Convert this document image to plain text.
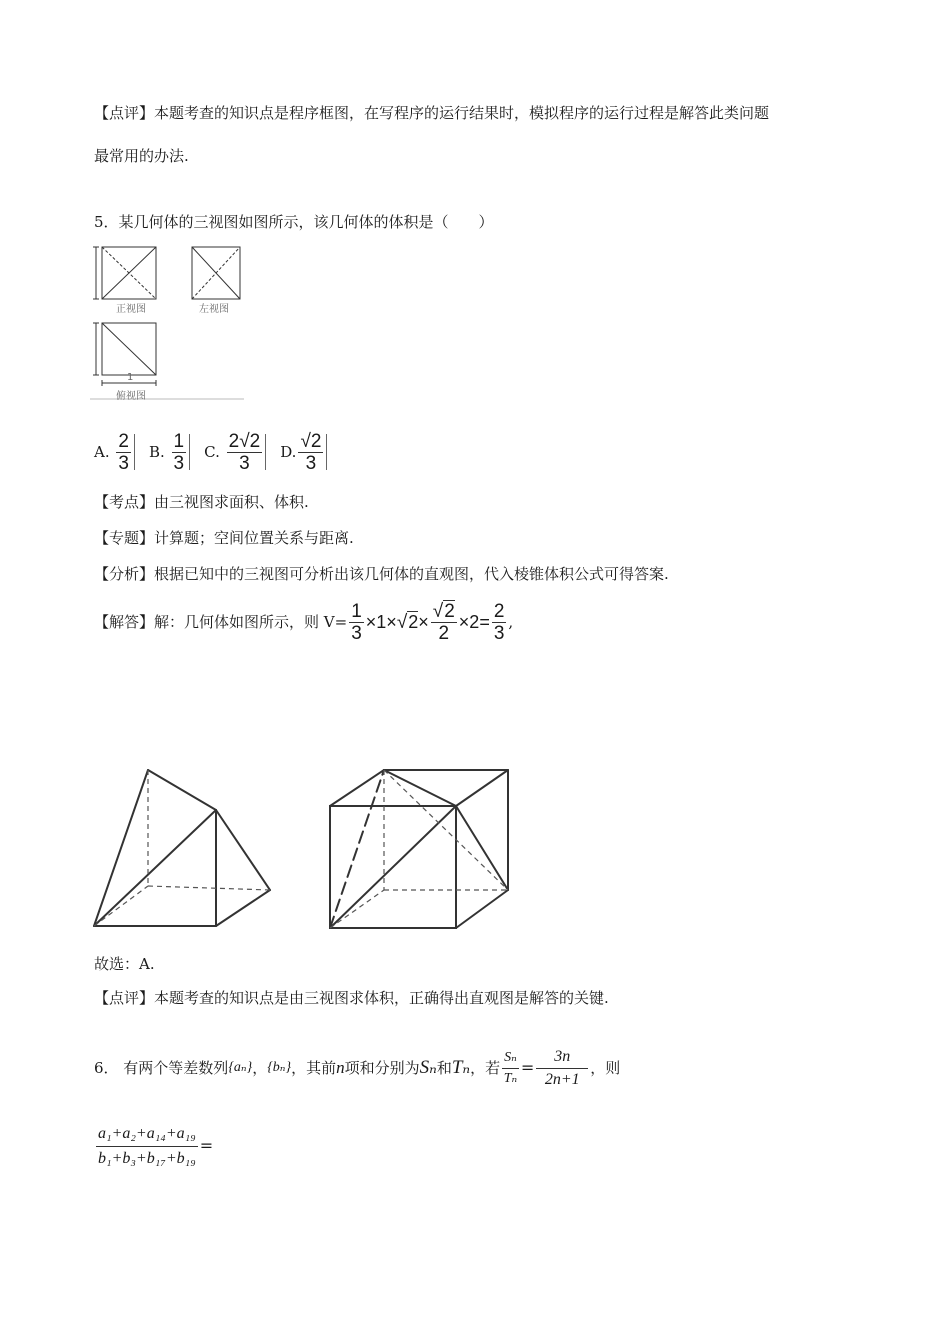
【点评】本题考查的知识点是程序框图，在写程序的运行结果时，模拟程序的运行过程是解答此类问题
最常用的办法.
5．某几何体的三视图如图所示，该几何体的体积是（　　）
正视图	左视图
1
俯视图
A.
$\frac{2}{3} B$.
$\frac{1}{3} C$.
$\frac{2√2}{3} D$. $\frac{√2}{3}$
【考点】由三视图求面积、体积.
【专题】计算题；空间位置关系与距离.
【分析】根据已知中的三视图可分析出该几何体的直观图，代入棱锥体积公式可得答案.
【解答】 解：几何体如图所示，则 $V= \frac{1}{3} \times 1\times √2 \times \frac{√2}{2} \times 2= \frac{2}{3}$ ,
故选：A.
【点评】本题考查的知识点是由三视图求体积，正确得出直观图是解答的关键.
6． 有两个等差数列 {aₙ} ， {bₙ} ，其前 n 项和分别为 Sₙ 和 Tₙ ，若 $\frac{\text{Sₙ}}{\text{Tₙ}} = \frac{3n}{2n+1}$ ，则
$\frac{\text{a₁+a₂+a₁₄+a₁₉}}{\text{b₁+b₃+b₁₇+b₁₉}}$ =
